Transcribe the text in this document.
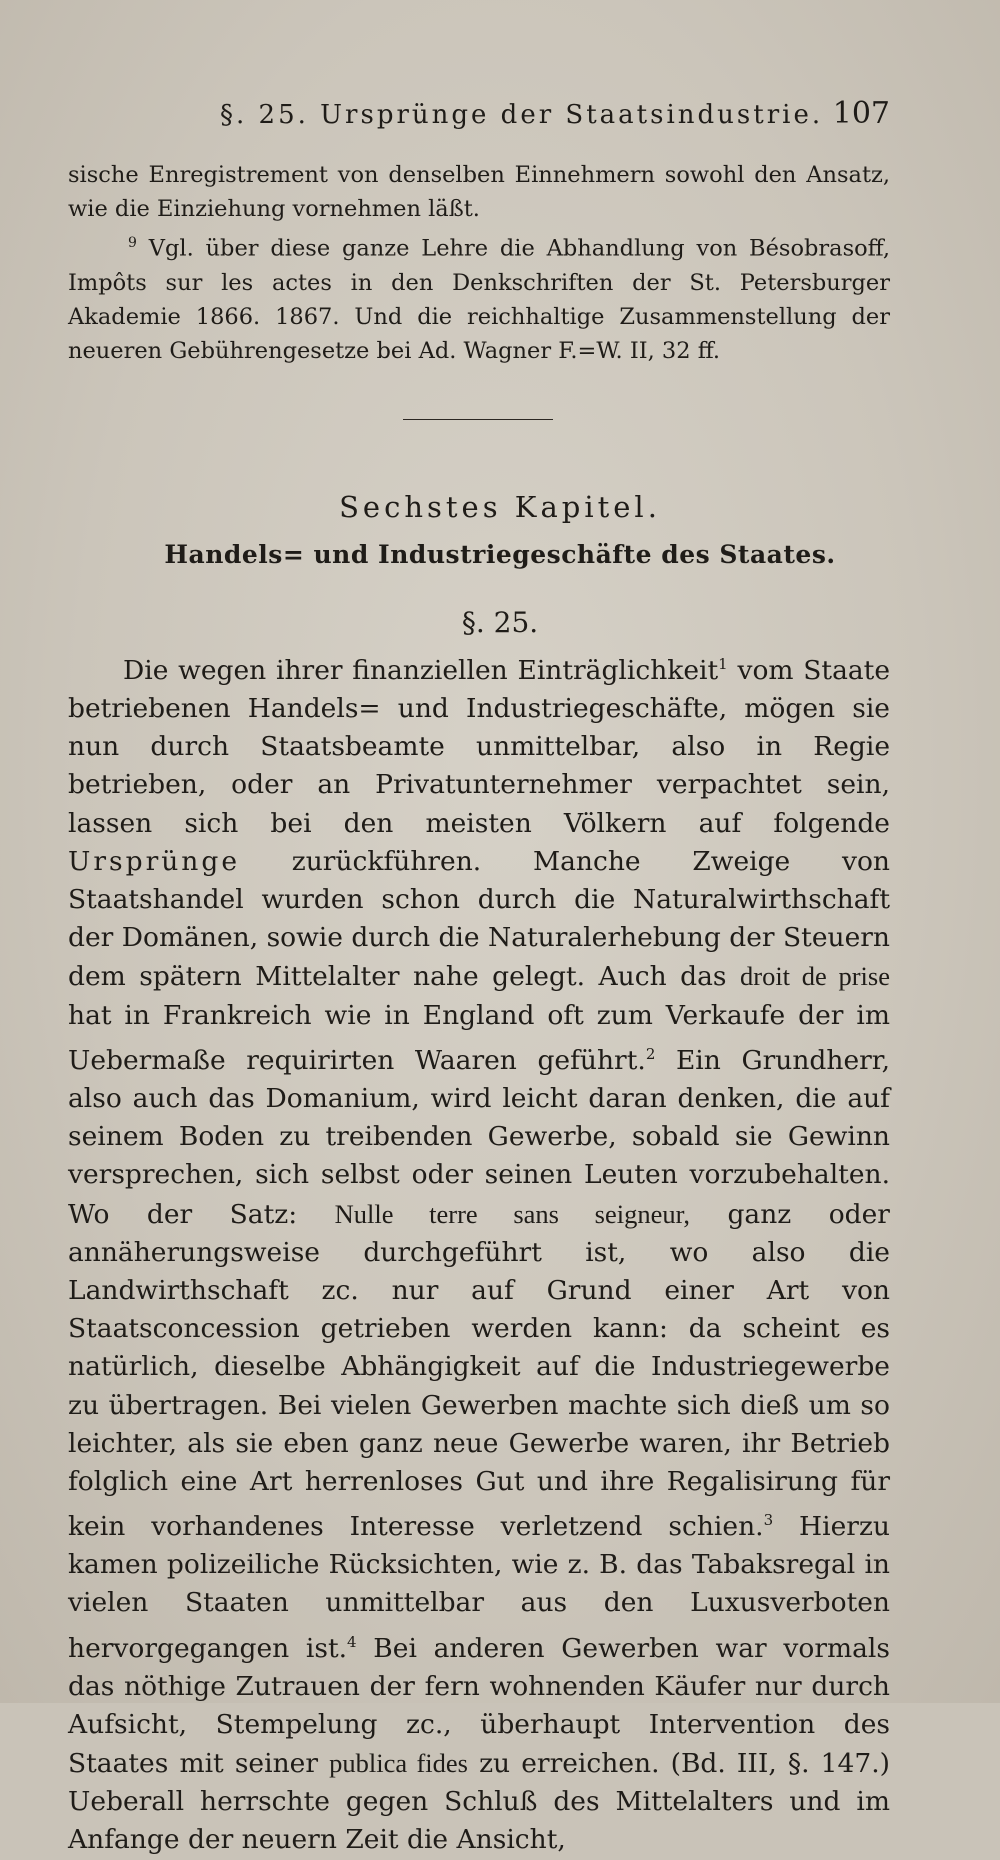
§. 25. Ursprünge der Staatsindustrie. 107

sische Enregistrement von denselben Einnehmern sowohl den Ansatz, wie die Einziehung vornehmen läßt.

$^9$ Vgl. über diese ganze Lehre die Abhandlung von Bésobrasoff, Impôts sur les actes in den Denkschriften der St. Petersburger Akademie 1866. 1867. Und die reichhaltige Zusammenstellung der neueren Gebührengesetze bei Ad. Wagner F.=W. II, 32 ff.

Sechstes Kapitel.
Handels= und Industriegeschäfte des Staates.
§. 25.

Die wegen ihrer finanziellen Einträglichkeit$^1$ vom Staate betriebenen Handels= und Industriegeschäfte, mögen sie nun durch Staatsbeamte unmittelbar, also in Regie betrieben, oder an Privatunternehmer verpachtet sein, lassen sich bei den meisten Völkern auf folgende Ursprünge zurückführen. Manche Zweige von Staatshandel wurden schon durch die Naturalwirthschaft der Domänen, sowie durch die Naturalerhebung der Steuern dem spätern Mittelalter nahe gelegt. Auch das droit de prise hat in Frankreich wie in England oft zum Verkaufe der im Uebermaße requirirten Waaren geführt.$^2$ Ein Grundherr, also auch das Domanium, wird leicht daran denken, die auf seinem Boden zu treibenden Gewerbe, sobald sie Gewinn versprechen, sich selbst oder seinen Leuten vorzubehalten. Wo der Satz: Nulle terre sans seigneur, ganz oder annäherungsweise durchgeführt ist, wo also die Landwirthschaft zc. nur auf Grund einer Art von Staatsconcession getrieben werden kann: da scheint es natürlich, dieselbe Abhängigkeit auf die Industriegewerbe zu übertragen. Bei vielen Gewerben machte sich dieß um so leichter, als sie eben ganz neue Gewerbe waren, ihr Betrieb folglich eine Art herrenloses Gut und ihre Regalisirung für kein vorhandenes Interesse verletzend schien.$^3$ Hierzu kamen polizeiliche Rücksichten, wie z. B. das Tabaksregal in vielen Staaten unmittelbar aus den Luxusverboten hervorgegangen ist.$^4$ Bei anderen Gewerben war vormals das nöthige Zutrauen der fern wohnenden Käufer nur durch Aufsicht, Stempelung zc., überhaupt Intervention des Staates mit seiner publica fides zu erreichen. (Bd. III, §. 147.) Ueberall herrschte gegen Schluß des Mittelalters und im Anfange der neuern Zeit die Ansicht,
